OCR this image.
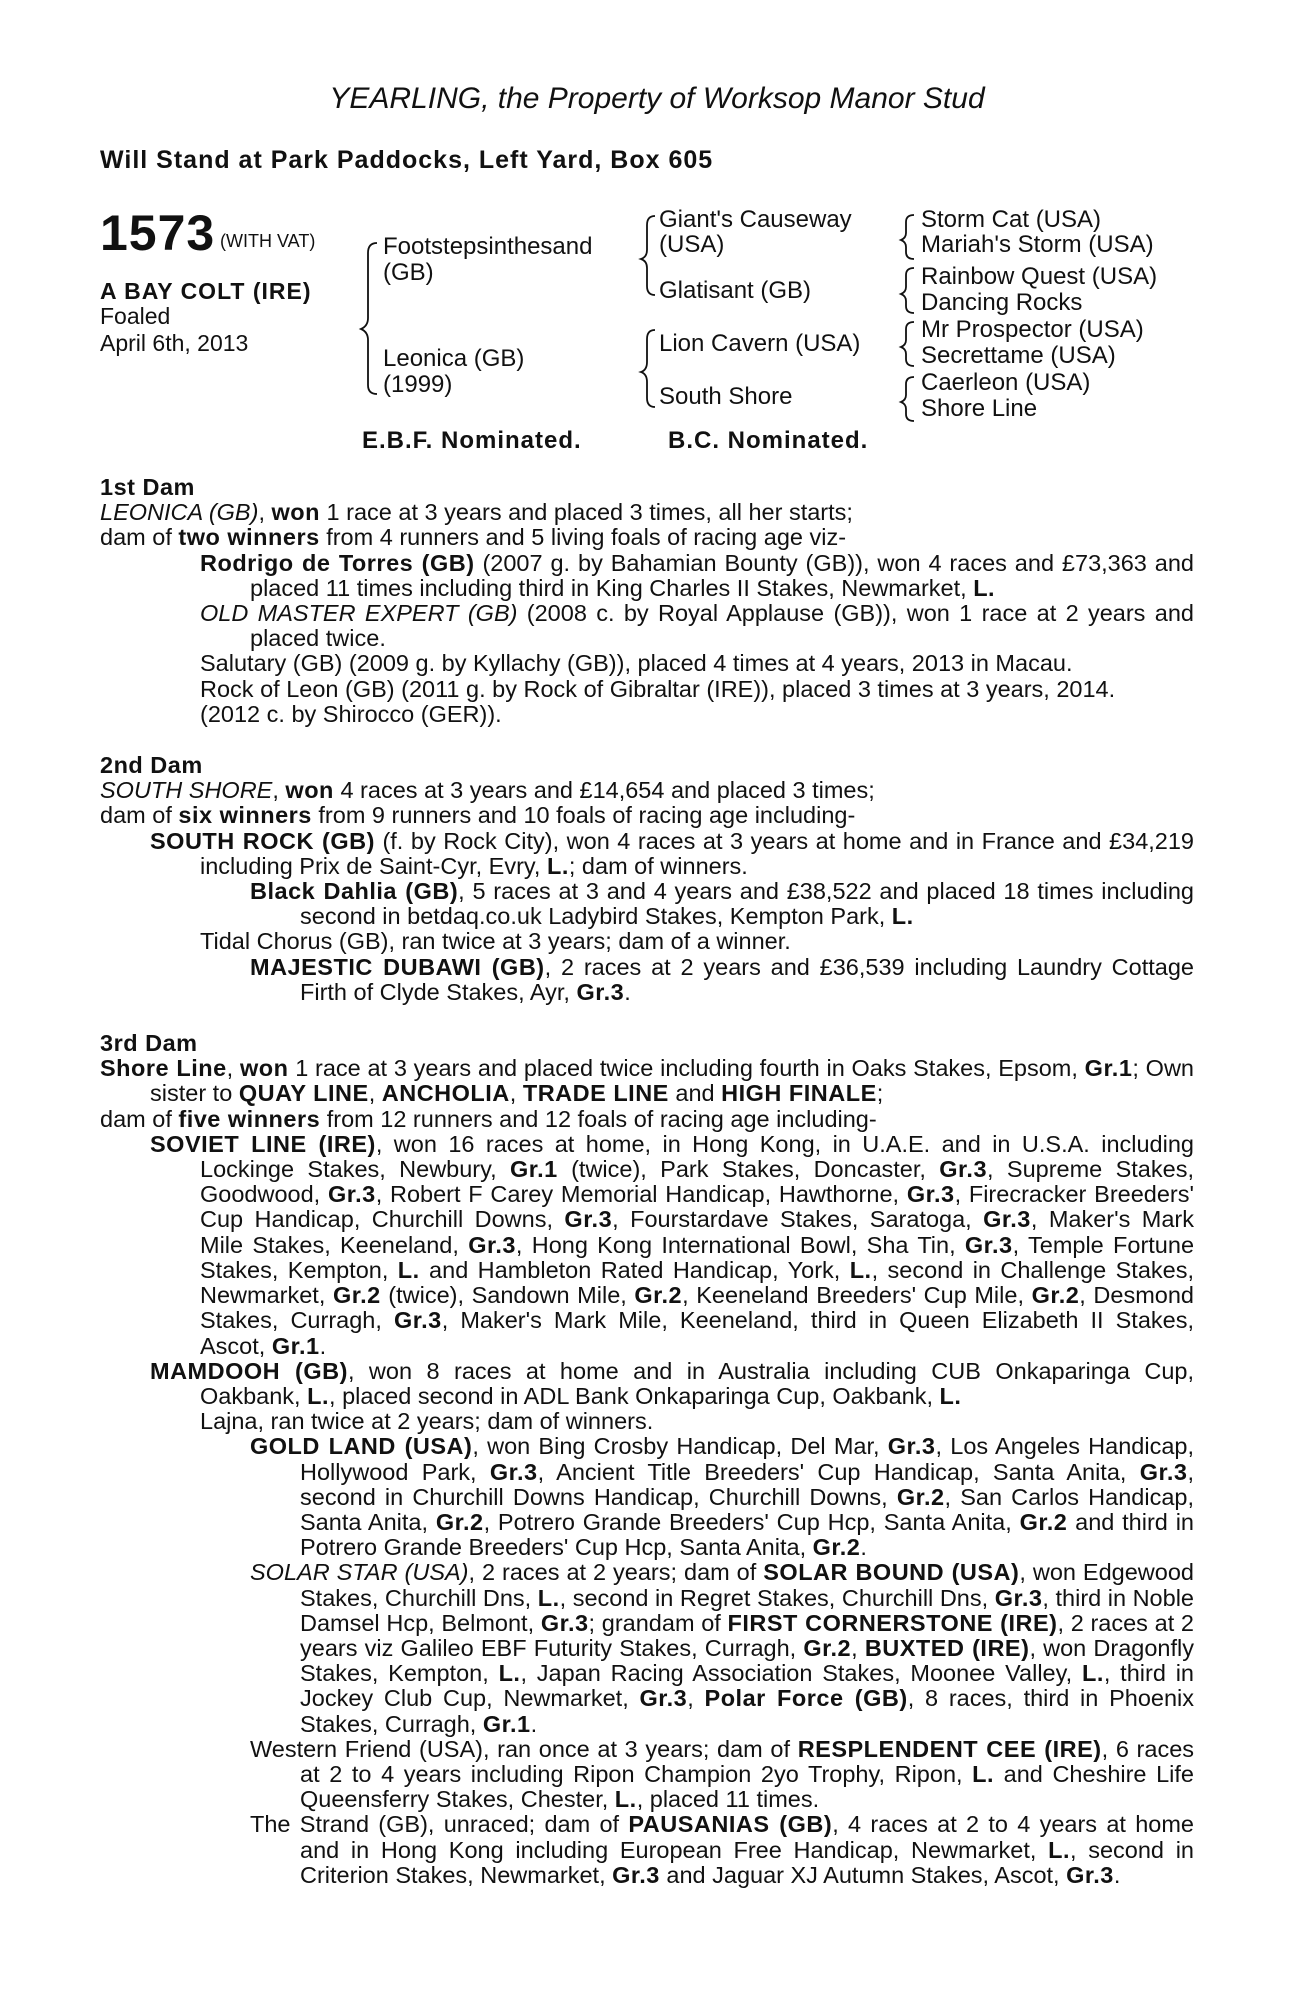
YEARLING, the Property of Worksop Manor Stud
Will Stand at Park Paddocks, Left Yard, Box 605
1573 (WITH VAT)
A BAY COLT (IRE)
Foaled
April 6th, 2013
Footstepsinthesand
(GB)
Leonica (GB)
(1999)
Giant's Causeway
(USA)
Glatisant (GB)
Lion Cavern (USA)
South Shore
Storm Cat (USA)
Mariah's Storm (USA)
Rainbow Quest (USA)
Dancing Rocks
Mr Prospector (USA)
Secrettame (USA)
Caerleon (USA)
Shore Line
E.B.F. Nominated.	B.C. Nominated.

1st Dam

LEONICA (GB), won 1 race at 3 years and placed 3 times, all her starts;

dam of two winners from 4 runners and 5 living foals of racing age viz-

Rodrigo de Torres (GB) (2007 g. by Bahamian Bounty (GB)), won 4 races and £73,363 and placed 11 times including third in King Charles II Stakes, Newmarket, L.

OLD MASTER EXPERT (GB) (2008 c. by Royal Applause (GB)), won 1 race at 2 years and placed twice.

Salutary (GB) (2009 g. by Kyllachy (GB)), placed 4 times at 4 years, 2013 in Macau.

Rock of Leon (GB) (2011 g. by Rock of Gibraltar (IRE)), placed 3 times at 3 years, 2014.

(2012 c. by Shirocco (GER)).

2nd Dam

SOUTH SHORE, won 4 races at 3 years and £14,654 and placed 3 times;

dam of six winners from 9 runners and 10 foals of racing age including-

SOUTH ROCK (GB) (f. by Rock City), won 4 races at 3 years at home and in France and £34,219 including Prix de Saint-Cyr, Evry, L.; dam of winners.

Black Dahlia (GB), 5 races at 3 and 4 years and £38,522 and placed 18 times including second in betdaq.co.uk Ladybird Stakes, Kempton Park, L.

Tidal Chorus (GB), ran twice at 3 years; dam of a winner.

MAJESTIC DUBAWI (GB), 2 races at 2 years and £36,539 including Laundry Cottage Firth of Clyde Stakes, Ayr, Gr.3.

3rd Dam

Shore Line, won 1 race at 3 years and placed twice including fourth in Oaks Stakes, Epsom, Gr.1; Own sister to QUAY LINE, ANCHOLIA, TRADE LINE and HIGH FINALE;

dam of five winners from 12 runners and 12 foals of racing age including-

SOVIET LINE (IRE), won 16 races at home, in Hong Kong, in U.A.E. and in U.S.A. including Lockinge Stakes, Newbury, Gr.1 (twice), Park Stakes, Doncaster, Gr.3, Supreme Stakes, Goodwood, Gr.3, Robert F Carey Memorial Handicap, Hawthorne, Gr.3, Firecracker Breeders' Cup Handicap, Churchill Downs, Gr.3, Fourstardave Stakes, Saratoga, Gr.3, Maker's Mark Mile Stakes, Keeneland, Gr.3, Hong Kong International Bowl, Sha Tin, Gr.3, Temple Fortune Stakes, Kempton, L. and Hambleton Rated Handicap, York, L., second in Challenge Stakes, Newmarket, Gr.2 (twice), Sandown Mile, Gr.2, Keeneland Breeders' Cup Mile, Gr.2, Desmond Stakes, Curragh, Gr.3, Maker's Mark Mile, Keeneland, third in Queen Elizabeth II Stakes, Ascot, Gr.1.

MAMDOOH (GB), won 8 races at home and in Australia including CUB Onkaparinga Cup, Oakbank, L., placed second in ADL Bank Onkaparinga Cup, Oakbank, L.

Lajna, ran twice at 2 years; dam of winners.

GOLD LAND (USA), won Bing Crosby Handicap, Del Mar, Gr.3, Los Angeles Handicap, Hollywood Park, Gr.3, Ancient Title Breeders' Cup Handicap, Santa Anita, Gr.3, second in Churchill Downs Handicap, Churchill Downs, Gr.2, San Carlos Handicap, Santa Anita, Gr.2, Potrero Grande Breeders' Cup Hcp, Santa Anita, Gr.2 and third in Potrero Grande Breeders' Cup Hcp, Santa Anita, Gr.2.

SOLAR STAR (USA), 2 races at 2 years; dam of SOLAR BOUND (USA), won Edgewood Stakes, Churchill Dns, L., second in Regret Stakes, Churchill Dns, Gr.3, third in Noble Damsel Hcp, Belmont, Gr.3; grandam of FIRST CORNERSTONE (IRE), 2 races at 2 years viz Galileo EBF Futurity Stakes, Curragh, Gr.2, BUXTED (IRE), won Dragonfly Stakes, Kempton, L., Japan Racing Association Stakes, Moonee Valley, L., third in Jockey Club Cup, Newmarket, Gr.3, Polar Force (GB), 8 races, third in Phoenix Stakes, Curragh, Gr.1.

Western Friend (USA), ran once at 3 years; dam of RESPLENDENT CEE (IRE), 6 races at 2 to 4 years including Ripon Champion 2yo Trophy, Ripon, L. and Cheshire Life Queensferry Stakes, Chester, L., placed 11 times.

The Strand (GB), unraced; dam of PAUSANIAS (GB), 4 races at 2 to 4 years at home and in Hong Kong including European Free Handicap, Newmarket, L., second in Criterion Stakes, Newmarket, Gr.3 and Jaguar XJ Autumn Stakes, Ascot, Gr.3.
